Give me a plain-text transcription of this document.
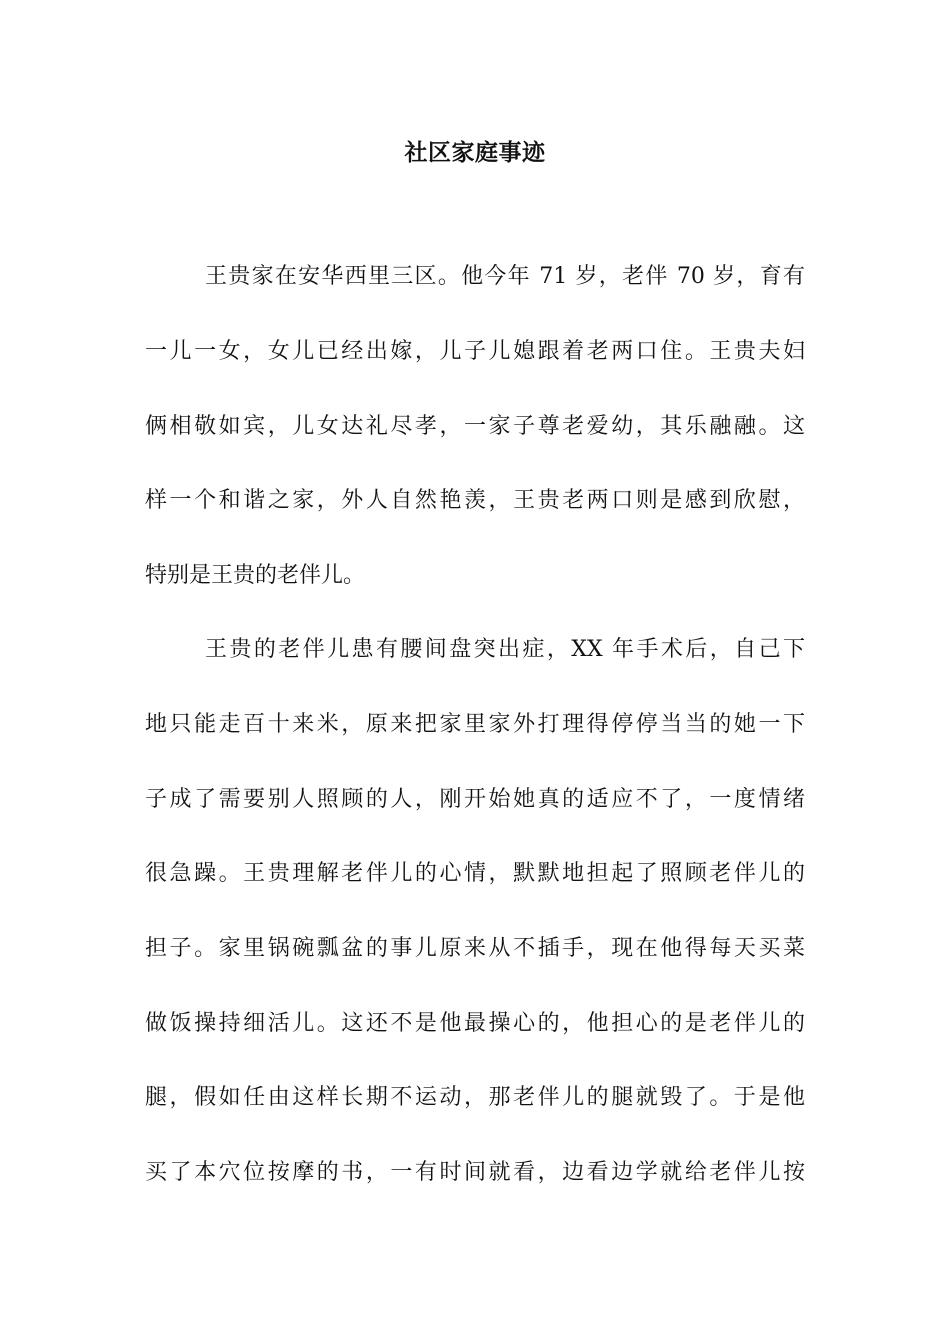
社区家庭事迹
王贵家在安华西里三区。他今年 71 岁，老伴 70 岁，育有
一儿一女，女儿已经出嫁，儿子儿媳跟着老两口住。王贵夫妇
俩相敬如宾，儿女达礼尽孝，一家子尊老爱幼，其乐融融。这
样一个和谐之家，外人自然艳羡，王贵老两口则是感到欣慰，
特别是王贵的老伴儿。
王贵的老伴儿患有腰间盘突出症，XX 年手术后，自己下
地只能走百十来米，原来把家里家外打理得停停当当的她一下
子成了需要别人照顾的人，刚开始她真的适应不了，一度情绪
很急躁。王贵理解老伴儿的心情，默默地担起了照顾老伴儿的
担子。家里锅碗瓢盆的事儿原来从不插手，现在他得每天买菜
做饭操持细活儿。这还不是他最操心的，他担心的是老伴儿的
腿，假如任由这样长期不运动，那老伴儿的腿就毁了。于是他
买了本穴位按摩的书，一有时间就看，边看边学就给老伴儿按
